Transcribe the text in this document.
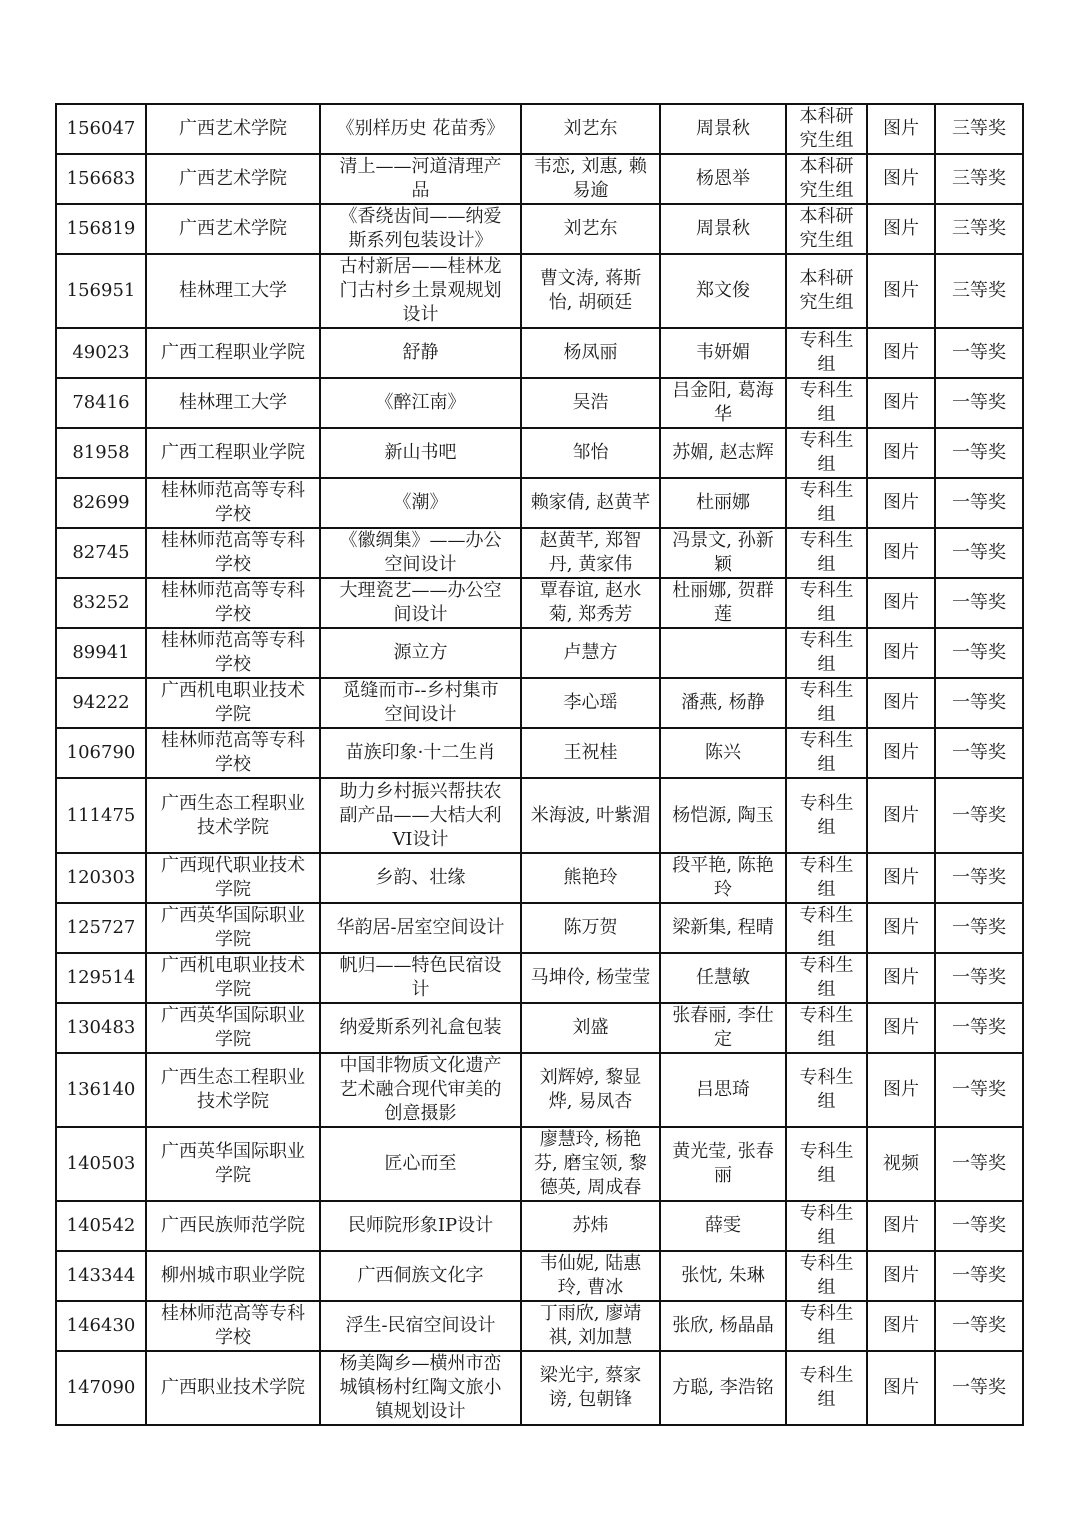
156047	广西艺术学院	《别样历史 花苗秀》	刘艺东	周景秋	本科研
究生组	图片	三等奖
156683	广西艺术学院	清上——河道清理产
品	韦恋, 刘惠, 赖
易逾	杨恩举	本科研
究生组	图片	三等奖
156819	广西艺术学院	《香绕齿间——纳爱
斯系列包装设计》	刘艺东	周景秋	本科研
究生组	图片	三等奖
156951	桂林理工大学	古村新居——桂林龙
门古村乡土景观规划
设计	曹文涛, 蒋斯
怡, 胡硕廷	郑文俊	本科研
究生组	图片	三等奖
49023	广西工程职业学院	舒静	杨凤丽	韦妍媚	专科生
组	图片	一等奖
78416	桂林理工大学	《醉江南》	吴浩	吕金阳, 葛海
华	专科生
组	图片	一等奖
81958	广西工程职业学院	新山书吧	邹怡	苏媚, 赵志辉	专科生
组	图片	一等奖
82699	桂林师范高等专科
学校	《潮》	赖家倩, 赵黄芊	杜丽娜	专科生
组	图片	一等奖
82745	桂林师范高等专科
学校	《徽绸集》——办公
空间设计	赵黄芊, 郑智
丹, 黄家伟	冯景文, 孙新
颖	专科生
组	图片	一等奖
83252	桂林师范高等专科
学校	大理瓷艺——办公空
间设计	覃春谊, 赵水
菊, 郑秀芳	杜丽娜, 贺群
莲	专科生
组	图片	一等奖
89941	桂林师范高等专科
学校	源立方	卢慧方		专科生
组	图片	一等奖
94222	广西机电职业技术
学院	觅缝而市--乡村集市
空间设计	李心瑶	潘燕, 杨静	专科生
组	图片	一等奖
106790	桂林师范高等专科
学校	苗族印象·十二生肖	王祝桂	陈兴	专科生
组	图片	一等奖
111475	广西生态工程职业
技术学院	助力乡村振兴帮扶农
副产品——大桔大利
VI设计	米海波, 叶紫湄	杨恺源, 陶玉	专科生
组	图片	一等奖
120303	广西现代职业技术
学院	乡韵、壮缘	熊艳玲	段平艳, 陈艳
玲	专科生
组	图片	一等奖
125727	广西英华国际职业
学院	华韵居-居室空间设计	陈万贺	梁新集, 程晴	专科生
组	图片	一等奖
129514	广西机电职业技术
学院	帆归——特色民宿设
计	马坤伶, 杨莹莹	任慧敏	专科生
组	图片	一等奖
130483	广西英华国际职业
学院	纳爱斯系列礼盒包装	刘盛	张春丽, 李仕
定	专科生
组	图片	一等奖
136140	广西生态工程职业
技术学院	中国非物质文化遗产
艺术融合现代审美的
创意摄影	刘辉婷, 黎显
烨, 易凤杏	吕思琦	专科生
组	图片	一等奖
140503	广西英华国际职业
学院	匠心而至	廖慧玲, 杨艳
芬, 磨宝领, 黎
德英, 周成春	黄光莹, 张春
丽	专科生
组	视频	一等奖
140542	广西民族师范学院	民师院形象IP设计	苏炜	薛雯	专科生
组	图片	一等奖
143344	柳州城市职业学院	广西侗族文化字	韦仙妮, 陆惠
玲, 曹冰	张忱, 朱琳	专科生
组	图片	一等奖
146430	桂林师范高等专科
学校	浮生-民宿空间设计	丁雨欣, 廖靖
祺, 刘加慧	张欣, 杨晶晶	专科生
组	图片	一等奖
147090	广西职业技术学院	杨美陶乡—横州市峦
城镇杨村红陶文旅小
镇规划设计	梁光宇, 蔡家
谤, 包朝锋	方聪, 李浩铭	专科生
组	图片	一等奖
